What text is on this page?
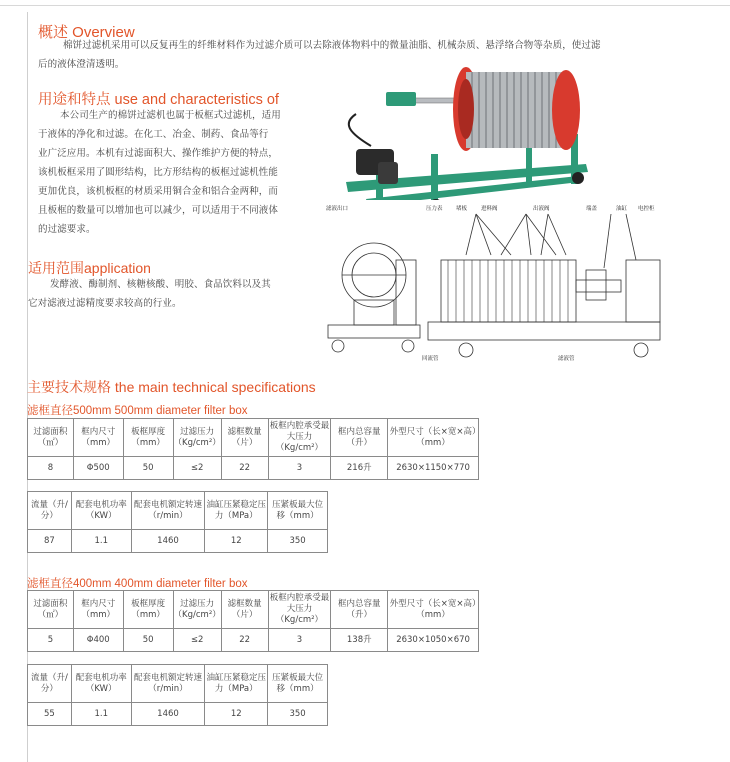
概述 Overview

棉饼过滤机采用可以反复再生的纤维材料作为过滤介质可以去除液体物料中的微量油脂、机械杂质、悬浮络合物等杂质，使过滤

后的液体澄清透明。

用途和特点 use and characteristics of

本公司生产的棉饼过滤机也属于板框式过滤机，适用

于液体的净化和过滤。在化工、冶金、制药、食品等行

业广泛应用。本机有过滤面积大、操作维护方便的特点，

该机板框采用了圆形结构，比方形结构的板框过滤机性能

更加优良，该机板框的材质采用铜合金和铝合金两种，而

且板框的数量可以增加也可以减少，可以适用于不同液体

的过滤要求。

适用范围application

发酵液、酶制剂、核糖核酸、明胶、食品饮料以及其

它对滤液过滤精度要求较高的行业。

滤液出口	压力表 堵板	进料阀	出液阀	端盖	油缸 电控柜
回流管	滤液管
主要技术规格 the main technical specifications
滤框直径500mm 500mm diameter filter box
过滤面积（㎡）	框内尺寸（mm）	板框厚度（mm）	过滤压力（Kg/cm²）	滤框数量（片）	板框内腔承受最大压力（Kg/cm²）	框内总容量（升）	外型尺寸（长×宽×高）（mm）
8	Φ500	50	≤2	22	3	216升	2630×1150×770
流量（升/分）	配套电机功率（KW）	配套电机额定转速（r/min）	油缸压紧稳定压力（MPa）	压紧板最大位移（mm）
87	1.1	1460	12	350
滤框直径400mm 400mm diameter filter box
过滤面积（㎡）	框内尺寸（mm）	板框厚度（mm）	过滤压力（Kg/cm²）	滤框数量（片）	板框内腔承受最大压力（Kg/cm²）	框内总容量（升）	外型尺寸（长×宽×高）（mm）
5	Φ400	50	≤2	22	3	138升	2630×1050×670
流量（升/分）	配套电机功率（KW）	配套电机额定转速（r/min）	油缸压紧稳定压力（MPa）	压紧板最大位移（mm）
55	1.1	1460	12	350
